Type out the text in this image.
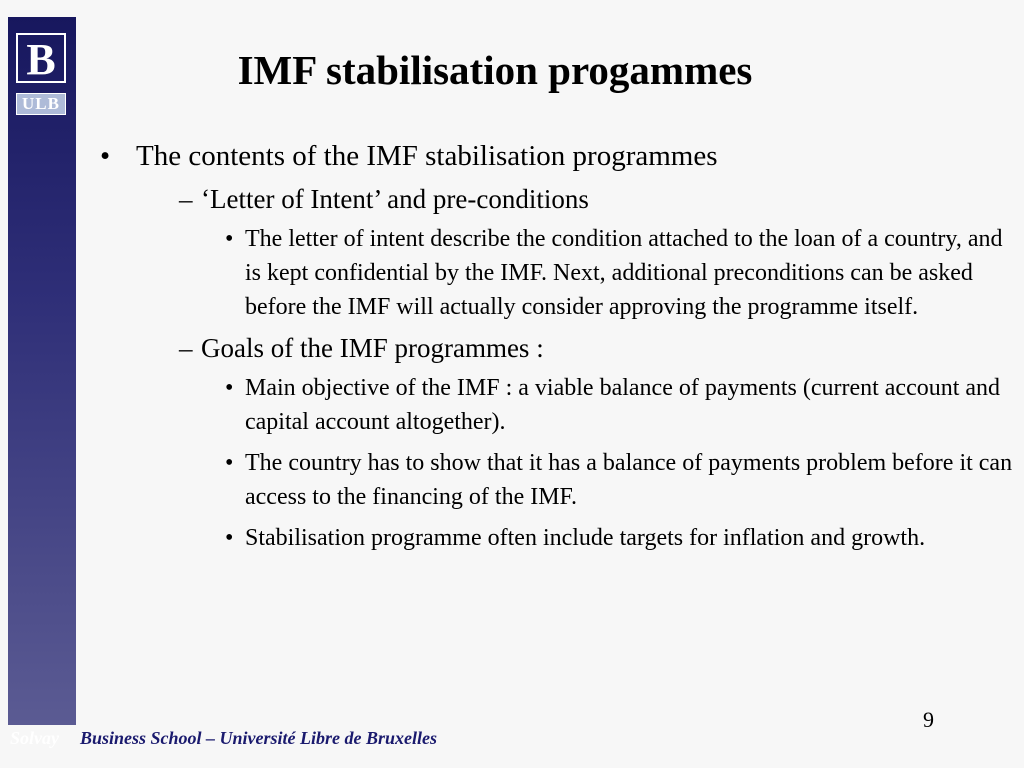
B
ULB
IMF stabilisation progammes
• The contents of the IMF stabilisation programmes
– ‘Letter of Intent’ and pre-conditions
• The letter of intent describe the condition attached to the loan of a country, and is kept confidential by the IMF. Next, additional preconditions can be asked before the IMF will actually consider approving the programme itself.
– Goals of the IMF programmes :
• Main objective of the IMF : a viable balance of payments (current account and capital account altogether).
• The country has to show that it has a balance of payments problem before it can access to the financing of the IMF.
• Stabilisation programme often include targets for inflation and growth.
9
Solvay Business School – Université Libre de Bruxelles
